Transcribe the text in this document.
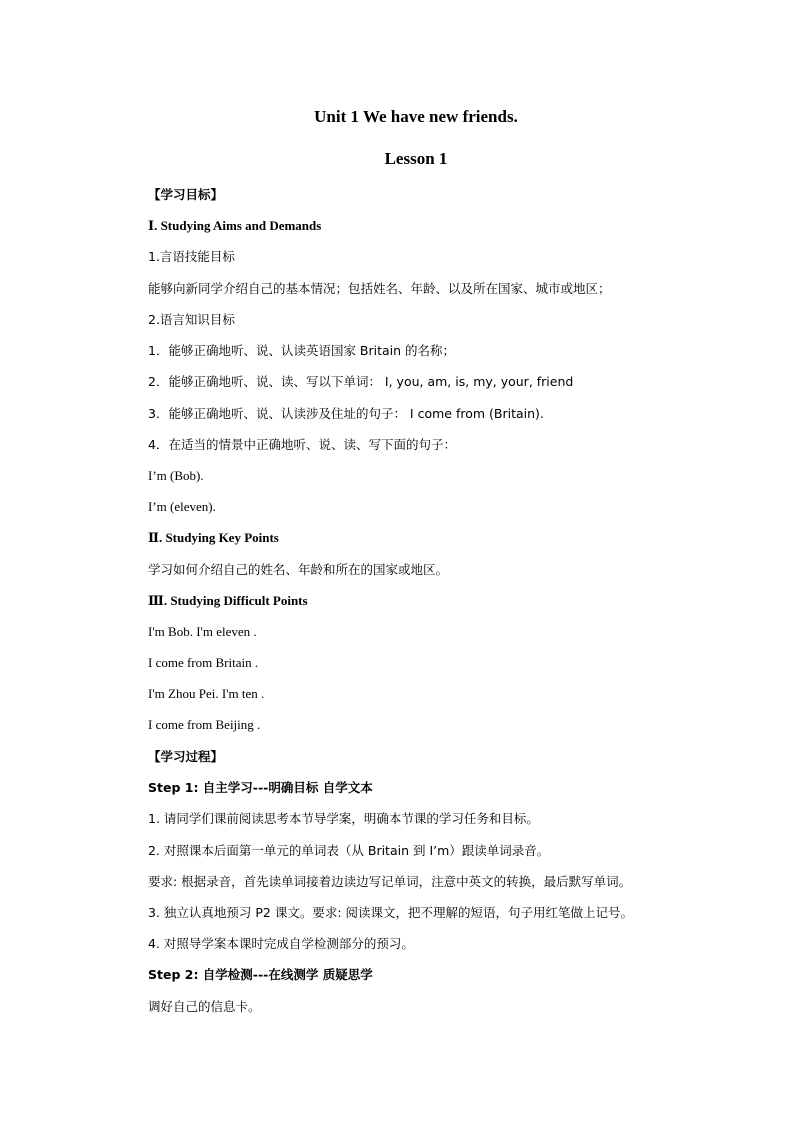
Unit 1 We have new friends.
Lesson 1
【学习目标】
Ⅰ. Studying Aims and Demands
1.言语技能目标
能够向新同学介绍自己的基本情况；包括姓名、年龄、以及所在国家、城市或地区；
2.语言知识目标
1．能够正确地听、说、认读英语国家 Britain 的名称；
2．能够正确地听、说、读、写以下单词： I, you, am, is, my, your, friend
3．能够正确地听、说、认读涉及住址的句子： I come from (Britain).
4．在适当的情景中正确地听、说、读、写下面的句子：
I’m (Bob).
I’m (eleven).
Ⅱ. Studying Key Points
学习如何介绍自己的姓名、年龄和所在的国家或地区。
Ⅲ. Studying Difficult Points
I'm Bob. I'm eleven .
I come from Britain .
I'm Zhou Pei. I'm ten .
I come from Beijing .
【学习过程】
Step 1: 自主学习---明确目标 自学文本
1. 请同学们课前阅读思考本节导学案，明确本节课的学习任务和目标。
2. 对照课本后面第一单元的单词表（从 Britain 到 I’m）跟读单词录音。
要求: 根据录音，首先读单词接着边读边写记单词，注意中英文的转换，最后默写单词。
3. 独立认真地预习 P2 课文。要求: 阅读课文，把不理解的短语，句子用红笔做上记号。
4. 对照导学案本课时完成自学检测部分的预习。
Step 2: 自学检测---在线测学 质疑思学
调好自己的信息卡。
